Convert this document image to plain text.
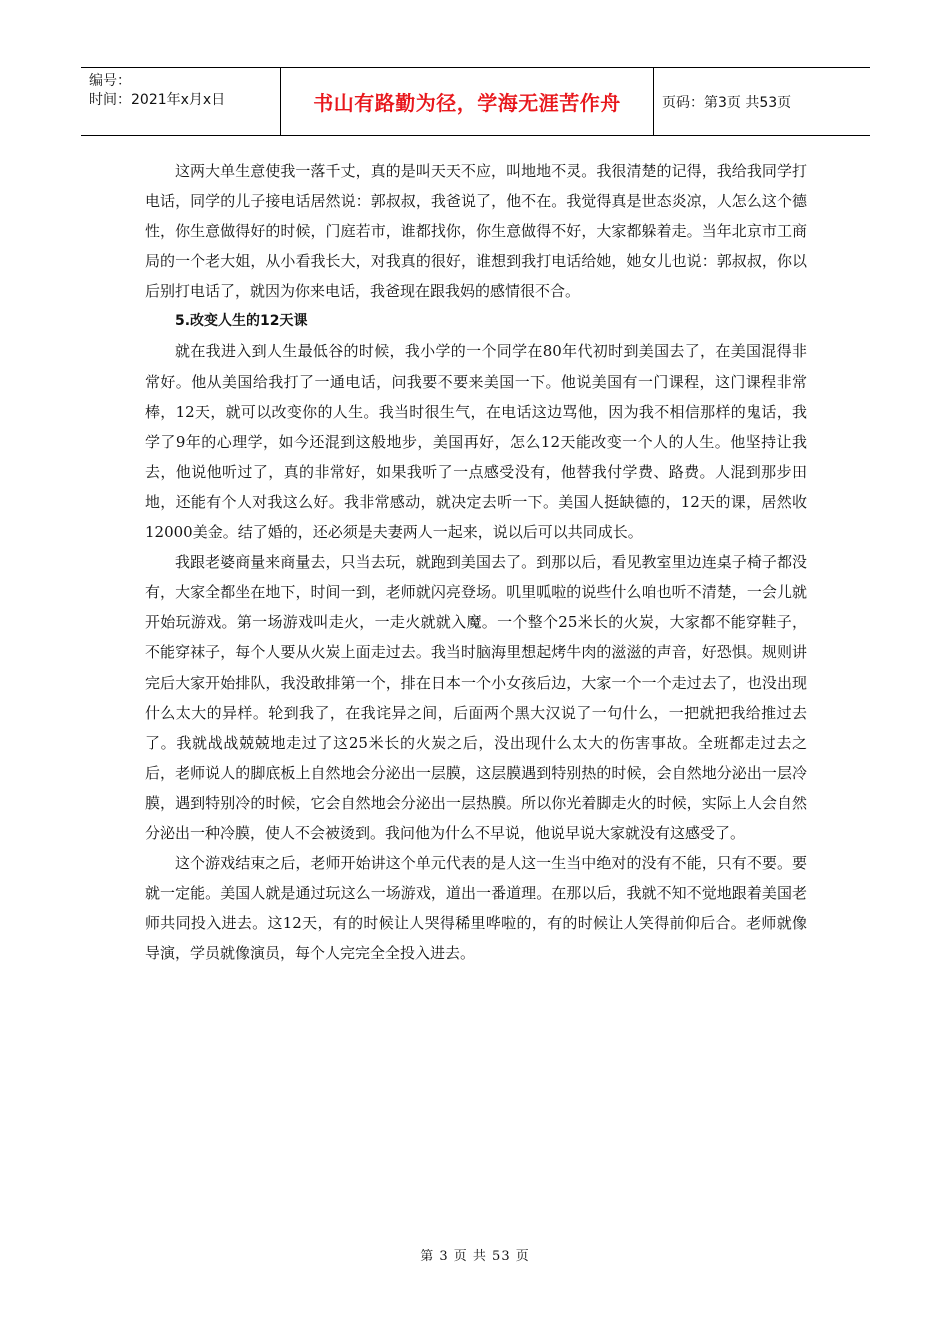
编号：
时间：2021年x月x日	书山有路勤为径，学海无涯苦作舟	页码：第3页 共53页

这两大单生意使我一落千丈，真的是叫天天不应，叫地地不灵。我很清楚的记得，我给我同学打电话，同学的儿子接电话居然说：郭叔叔，我爸说了，他不在。我觉得真是世态炎凉，人怎么这个德性，你生意做得好的时候，门庭若市，谁都找你，你生意做得不好，大家都躲着走。当年北京市工商局的一个老大姐，从小看我长大，对我真的很好，谁想到我打电话给她，她女儿也说：郭叔叔，你以后别打电话了，就因为你来电话，我爸现在跟我妈的感情很不合。

5.改变人生的12天课

就在我进入到人生最低谷的时候，我小学的一个同学在80年代初时到美国去了，在美国混得非常好。他从美国给我打了一通电话，问我要不要来美国一下。他说美国有一门课程，这门课程非常棒，12天，就可以改变你的人生。我当时很生气，在电话这边骂他，因为我不相信那样的鬼话，我学了9年的心理学，如今还混到这般地步，美国再好，怎么12天能改变一个人的人生。他坚持让我去，他说他听过了，真的非常好，如果我听了一点感受没有，他替我付学费、路费。人混到那步田地，还能有个人对我这么好。我非常感动，就决定去听一下。美国人挺缺德的，12天的课，居然收12000美金。结了婚的，还必须是夫妻两人一起来，说以后可以共同成长。

我跟老婆商量来商量去，只当去玩，就跑到美国去了。到那以后，看见教室里边连桌子椅子都没有，大家全都坐在地下，时间一到，老师就闪亮登场。叽里呱啦的说些什么咱也听不清楚，一会儿就开始玩游戏。第一场游戏叫走火，一走火就就入魔。一个整个25米长的火炭，大家都不能穿鞋子，不能穿袜子，每个人要从火炭上面走过去。我当时脑海里想起烤牛肉的滋滋的声音，好恐惧。规则讲完后大家开始排队，我没敢排第一个，排在日本一个小女孩后边，大家一个一个走过去了，也没出现什么太大的异样。轮到我了，在我诧异之间，后面两个黑大汉说了一句什么，一把就把我给推过去了。我就战战兢兢地走过了这25米长的火炭之后，没出现什么太大的伤害事故。全班都走过去之后，老师说人的脚底板上自然地会分泌出一层膜，这层膜遇到特别热的时候，会自然地分泌出一层冷膜，遇到特别冷的时候，它会自然地会分泌出一层热膜。所以你光着脚走火的时候，实际上人会自然分泌出一种冷膜，使人不会被烫到。我问他为什么不早说，他说早说大家就没有这感受了。

这个游戏结束之后，老师开始讲这个单元代表的是人这一生当中绝对的没有不能，只有不要。要就一定能。美国人就是通过玩这么一场游戏，道出一番道理。在那以后，我就不知不觉地跟着美国老师共同投入进去。这12天，有的时候让人哭得稀里哗啦的，有的时候让人笑得前仰后合。老师就像导演，学员就像演员，每个人完完全全投入进去。

第 3 页 共 53 页
